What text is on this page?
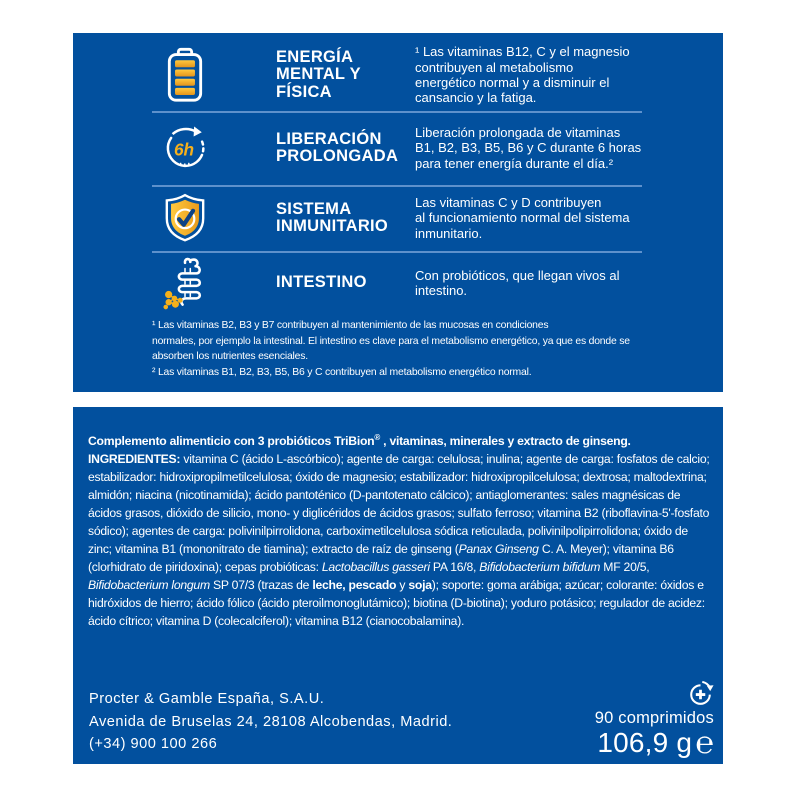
ENERGÍA
MENTAL Y
FÍSICA
¹ Las vitaminas B12, C y el magnesio
contribuyen al metabolismo
energético normal y a disminuir el
cansancio y la fatiga.
6h
LIBERACIÓN
PROLONGADA
Liberación prolongada de vitaminas
B1, B2, B3, B5, B6 y C durante 6 horas
para tener energía durante el día.²
SISTEMA
INMUNITARIO
Las vitaminas C y D contribuyen
al funcionamiento normal del sistema
inmunitario.
INTESTINO	Con probióticos, que llegan vivos al
intestino.

¹ Las vitaminas B2, B3 y B7 contribuyen al mantenimiento de las mucosas en condiciones
normales, por ejemplo la intestinal. El intestino es clave para el metabolismo energético, ya que es donde se
absorben los nutrientes esenciales.

² Las vitaminas B1, B2, B3, B5, B6 y C contribuyen al metabolismo energético normal.

Complemento alimenticio con 3 probióticos TriBion® , vitaminas, minerales y extracto de ginseng.
INGREDIENTES: vitamina C (ácido L-ascórbico); agente de carga: celulosa; inulina; agente de carga: fosfatos de calcio; estabilizador: hidroxipropilmetilcelulosa; óxido de magnesio; estabilizador: hidroxipropilcelulosa; dextrosa; maltodextrina; almidón; niacina (nicotinamida); ácido pantoténico (D-pantotenato cálcico); antiaglomerantes: sales magnésicas de ácidos grasos, dióxido de silicio, mono- y diglicéridos de ácidos grasos; sulfato ferroso; vitamina B2 (riboflavina-5'-fosfato sódico); agentes de carga: polivinilpirrolidona, carboximetilcelulosa sódica reticulada, polivinilpolipirrolidona; óxido de zinc; vitamina B1 (mononitrato de tiamina); extracto de raíz de ginseng (Panax Ginseng C. A. Meyer); vitamina B6 (clorhidrato de piridoxina); cepas probióticas: Lactobacillus gasseri PA 16/8, Bifidobacterium bifidum MF 20/5, Bifidobacterium longum SP 07/3 (trazas de leche, pescado y soja); soporte: goma arábiga; azúcar; colorante: óxidos e hidróxidos de hierro; ácido fólico (ácido pteroilmonoglutámico); biotina (D-biotina); yoduro potásico; regulador de acidez: ácido cítrico; vitamina D (colecalciferol); vitamina B12 (cianocobalamina).

Procter & Gamble España, S.A.U.
Avenida de Bruselas 24, 28108 Alcobendas, Madrid.
(+34) 900 100 266
90 comprimidos
106,9 g ℮
